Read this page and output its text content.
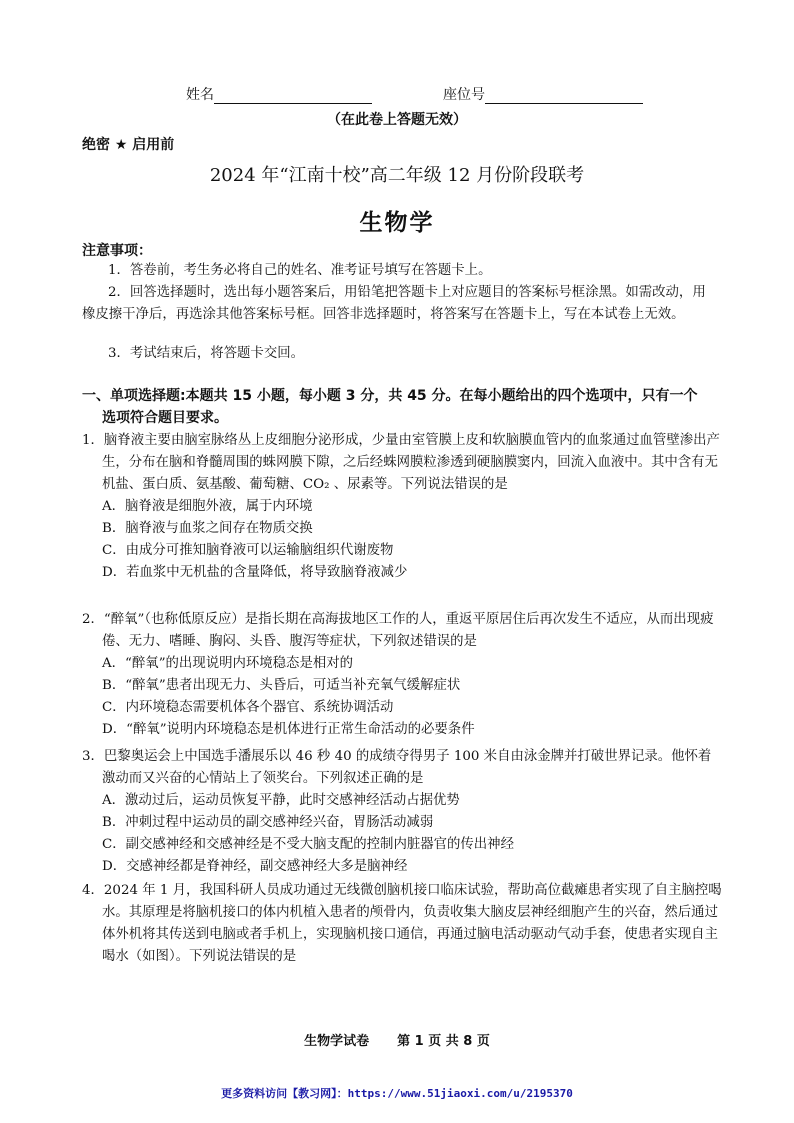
姓名	座位号
（在此卷上答题无效）
绝密 ★ 启用前
2024 年“江南十校”高二年级 12 月份阶段联考
生物学
注意事项：
1．答卷前，考生务必将自己的姓名、准考证号填写在答题卡上。
2．回答选择题时，选出每小题答案后，用铅笔把答题卡上对应题目的答案标号框涂黑。如需改动，用橡皮擦干净后，再选涂其他答案标号框。回答非选择题时，将答案写在答题卡上，写在本试卷上无效。
3．考试结束后，将答题卡交回。
一、单项选择题:本题共 15 小题，每小题 3 分，共 45 分。在每小题给出的四个选项中，只有一个
选项符合题目要求。
1．脑脊液主要由脑室脉络丛上皮细胞分泌形成，少量由室管膜上皮和软脑膜血管内的血浆通过血管壁渗出产生，分布在脑和脊髓周围的蛛网膜下隙，之后经蛛网膜粒渗透到硬脑膜窦内，回流入血液中。其中含有无机盐、蛋白质、氨基酸、葡萄糖、CO₂ 、尿素等。下列说法错误的是
A．脑脊液是细胞外液，属于内环境
B．脑脊液与血浆之间存在物质交换
C．由成分可推知脑脊液可以运输脑组织代谢废物
D．若血浆中无机盐的含量降低，将导致脑脊液减少
2．“醉氧”（也称低原反应）是指长期在高海拔地区工作的人，重返平原居住后再次发生不适应，从而出现疲倦、无力、嗜睡、胸闷、头昏、腹泻等症状，下列叙述错误的是
A．“醉氧”的出现说明内环境稳态是相对的
B．“醉氧”患者出现无力、头昏后，可适当补充氧气缓解症状
C．内环境稳态需要机体各个器官、系统协调活动
D．“醉氧”说明内环境稳态是机体进行正常生命活动的必要条件
3．巴黎奥运会上中国选手潘展乐以 46 秒 40 的成绩夺得男子 100 米自由泳金牌并打破世界记录。他怀着激动而又兴奋的心情站上了领奖台。下列叙述正确的是
A．激动过后，运动员恢复平静，此时交感神经活动占据优势
B．冲刺过程中运动员的副交感神经兴奋，胃肠活动减弱
C．副交感神经和交感神经是不受大脑支配的控制内脏器官的传出神经
D．交感神经都是脊神经，副交感神经大多是脑神经
4．2024 年 1 月，我国科研人员成功通过无线微创脑机接口临床试验，帮助高位截瘫患者实现了自主脑控喝水。其原理是将脑机接口的体内机植入患者的颅骨内，负责收集大脑皮层神经细胞产生的兴奋，然后通过体外机将其传送到电脑或者手机上，实现脑机接口通信，再通过脑电活动驱动气动手套，使患者实现自主喝水（如图）。下列说法错误的是
生物学试卷 第 1 页 共 8 页
更多资料访问【教习网】：https://www.51jiaoxi.com/u/2195370
